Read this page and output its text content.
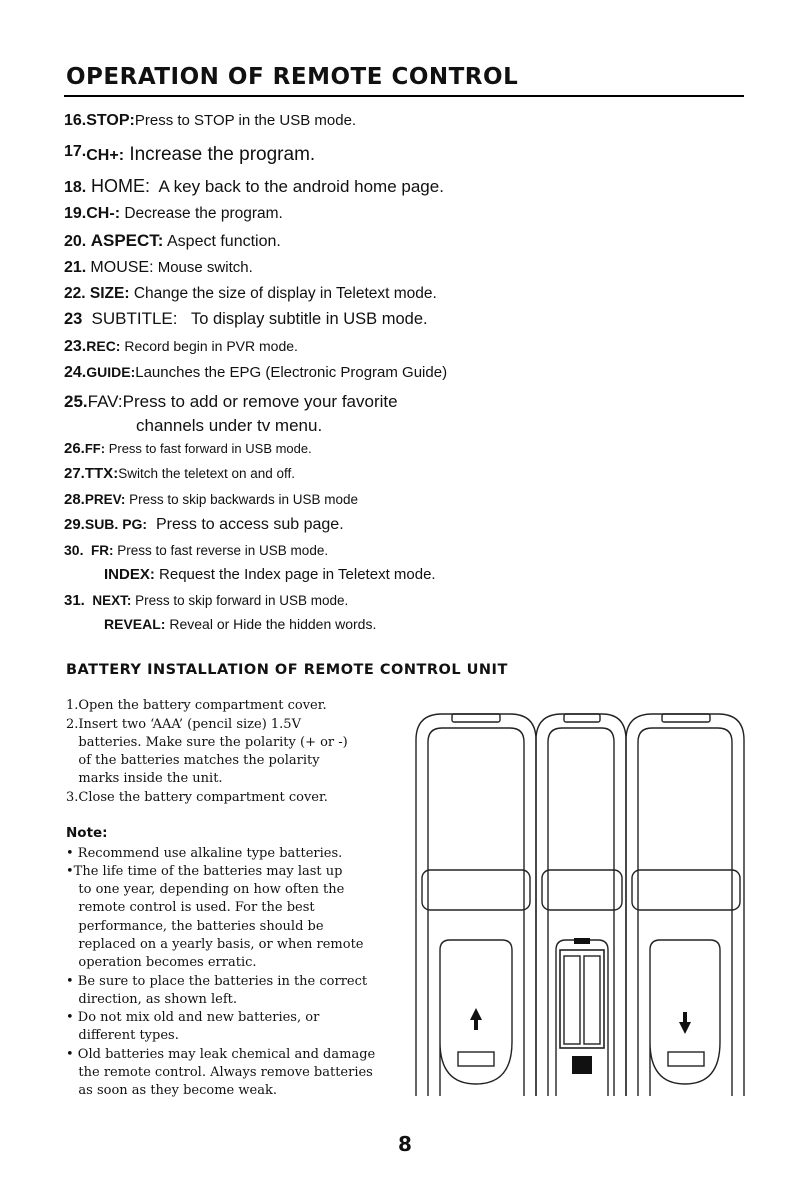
OPERATION OF REMOTE CONTROL
16.STOP:Press to STOP in the USB mode.
$^{17.}$CH+: Increase the program.
18. HOME: A key back to the android home page.
19.CH-: Decrease the program.
20. ASPECT: Aspect function.
21. MOUSE: Mouse switch.
22. SIZE: Change the size of display in Teletext mode.
23 SUBTITLE: To display subtitle in USB mode.
23.REC: Record begin in PVR mode.
24.GUIDE:Launches the EPG (Electronic Program Guide)
25.FAV:Press to add or remove your favorite
channels under tv menu.
26.FF: Press to fast forward in USB mode.
27.TTX:Switch the teletext on and off.
28.PREV: Press to skip backwards in USB mode
29.SUB. PG: Press to access sub page.
30. FR: Press to fast reverse in USB mode.
INDEX: Request the Index page in Teletext mode.
31. NEXT: Press to skip forward in USB mode.
REVEAL: Reveal or Hide the hidden words.
BATTERY INSTALLATION OF REMOTE CONTROL UNIT
1.Open the battery compartment cover.
2.Insert two ‘AAA’ (pencil size) 1.5V
batteries. Make sure the polarity (+ or -)
of the batteries matches the polarity
marks inside the unit.
3.Close the battery compartment cover.
Note:
• Recommend use alkaline type batteries.
•The life time of the batteries may last up
to one year, depending on how often the
remote control is used. For the best
performance, the batteries should be
replaced on a yearly basis, or when remote
operation becomes erratic.
• Be sure to place the batteries in the correct
direction, as shown left.
• Do not mix old and new batteries, or
different types.
• Old batteries may leak chemical and damage
the remote control. Always remove batteries
as soon as they become weak.
8
